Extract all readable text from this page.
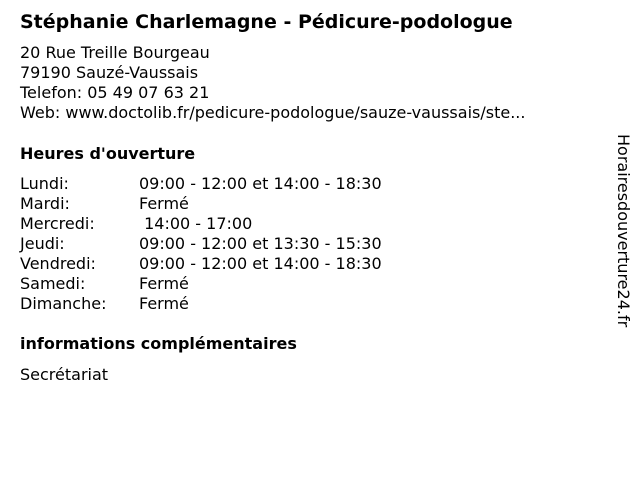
Stéphanie Charlemagne - Pédicure-podologue
20 Rue Treille Bourgeau
79190 Sauzé-Vaussais
Telefon: 05 49 07 63 21
Web: www.doctolib.fr/pedicure-podologue/sauze-vaussais/ste...
Heures d'ouverture
Lundi:	09:00 - 12:00 et 14:00 - 18:30
Mardi:	Fermé
Mercredi:	14:00 - 17:00
Jeudi:	09:00 - 12:00 et 13:30 - 15:30
Vendredi:	09:00 - 12:00 et 14:00 - 18:30
Samedi:	Fermé
Dimanche: Fermé
informations complémentaires
Secrétariat
Horairesdouverture24.fr
